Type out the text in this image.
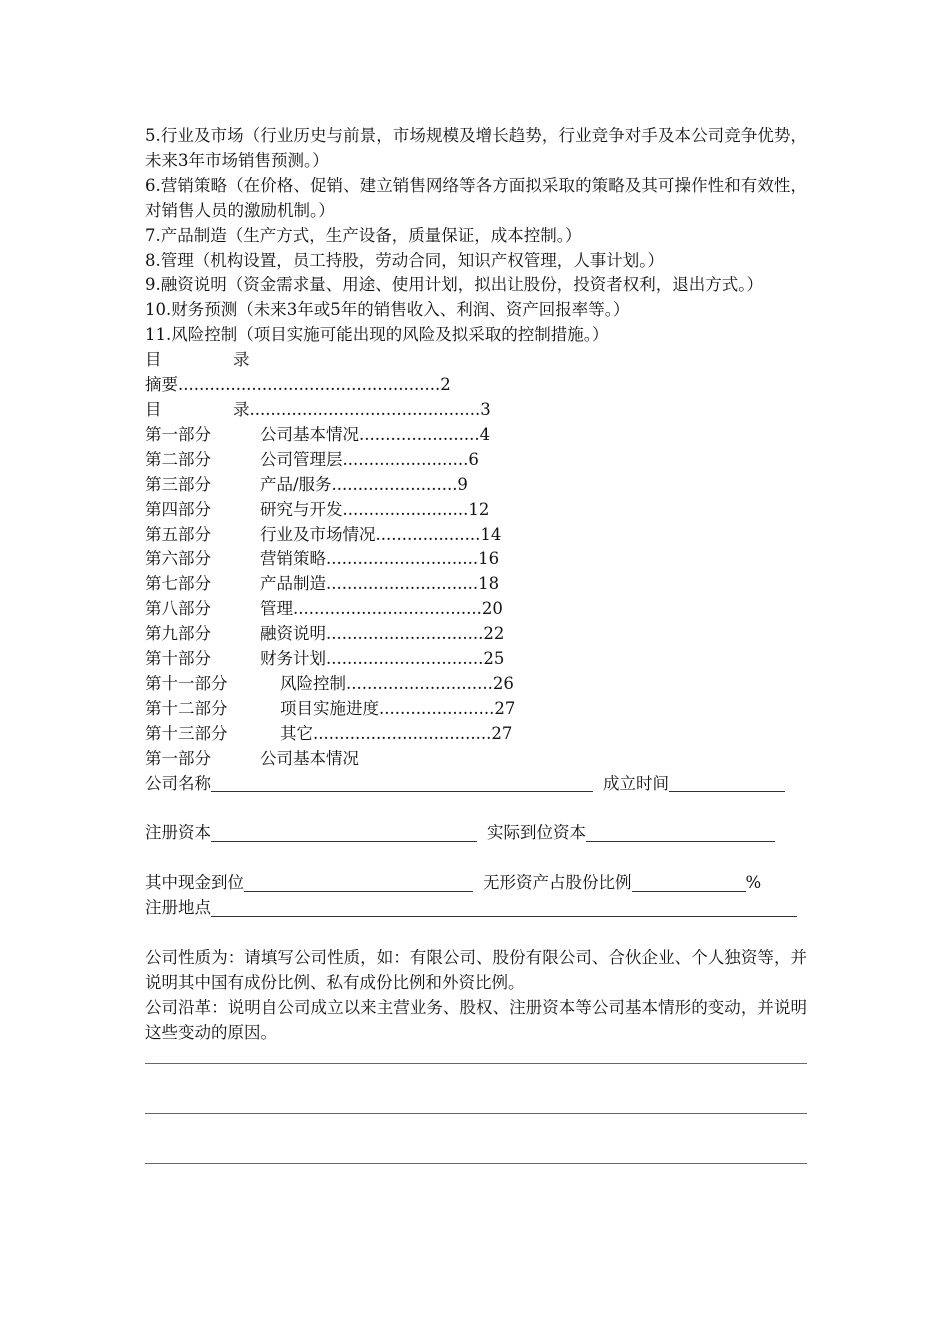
5.行业及市场（行业历史与前景，市场规模及增长趋势，行业竞争对手及本公司竞争优势，未来3年市场销售预测。）

6.营销策略（在价格、促销、建立销售网络等各方面拟采取的策略及其可操作性和有效性，对销售人员的激励机制。）

7.产品制造（生产方式，生产设备，质量保证，成本控制。）

8.管理（机构设置，员工持股，劳动合同，知识产权管理，人事计划。）

9.融资说明（资金需求量、用途、使用计划，拟出让股份，投资者权利，退出方式。）

10.财务预测（未来3年或5年的销售收入、利润、资产回报率等。）

11.风险控制（项目实施可能出现的风险及拟采取的控制措施。）

目	录
摘要..................................................2
目	录............................................3
第一部分	公司基本情况.......................4
第二部分	公司管理层........................6
第三部分	产品/服务........................9
第四部分	研究与开发........................12
第五部分	行业及市场情况....................14
第六部分	营销策略.............................16
第七部分	产品制造.............................18
第八部分	管理....................................20
第九部分	融资说明..............................22
第十部分	财务计划..............................25
第十一部分	风险控制............................26
第十二部分	项目实施进度......................27
第十三部分	其它..................................27
第一部分	公司基本情况
公司名称	成立时间
注册资本	实际到位资本
其中现金到位	无形资产占股份比例	%
注册地点

公司性质为：请填写公司性质，如：有限公司、股份有限公司、合伙企业、个人独资等，并说明其中国有成份比例、私有成份比例和外资比例。

公司沿革：说明自公司成立以来主营业务、股权、注册资本等公司基本情形的变动，并说明这些变动的原因。
